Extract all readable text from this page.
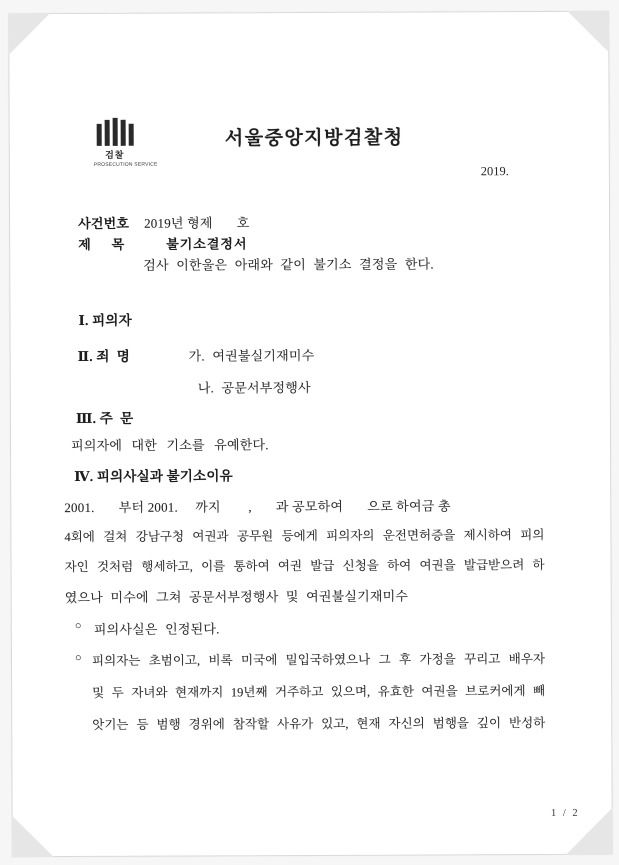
검찰
PROSECUTION SERVICE
서울중앙지방검찰청
2019.
사건번호 2019년 형제       호
제      목	불기소결정서
검사 이한울은 아래와 같이 불기소 결정을 한다.
Ⅰ. 피의자
Ⅱ. 죄  명	가. 여권불실기재미수
나. 공문서부정행사
Ⅲ. 주  문
피의자에 대한 기소를 유예한다.
Ⅳ. 피의사실과 불기소이유
2001.       부터 2001.     까지        ,       과 공모하여       으로 하여금 총
4회에 걸쳐 강남구청 여권과 공무원 등에게 피의자의 운전면허증을 제시하여 피의
자인 것처럼 행세하고, 이를 통하여 여권 발급 신청을 하여 여권을 발급받으려 하
였으나 미수에 그쳐 공문서부정행사 및 여권불실기재미수
○ 피의사실은 인정된다.
○ 피의자는 초범이고, 비록 미국에 밀입국하였으나 그 후 가정을 꾸리고 배우자
및 두 자녀와 현재까지 19년째 거주하고 있으며, 유효한 여권을 브로커에게 빼
앗기는 등 범행 경위에 참작할 사유가 있고, 현재 자신의 범행을 깊이 반성하
1 / 2
